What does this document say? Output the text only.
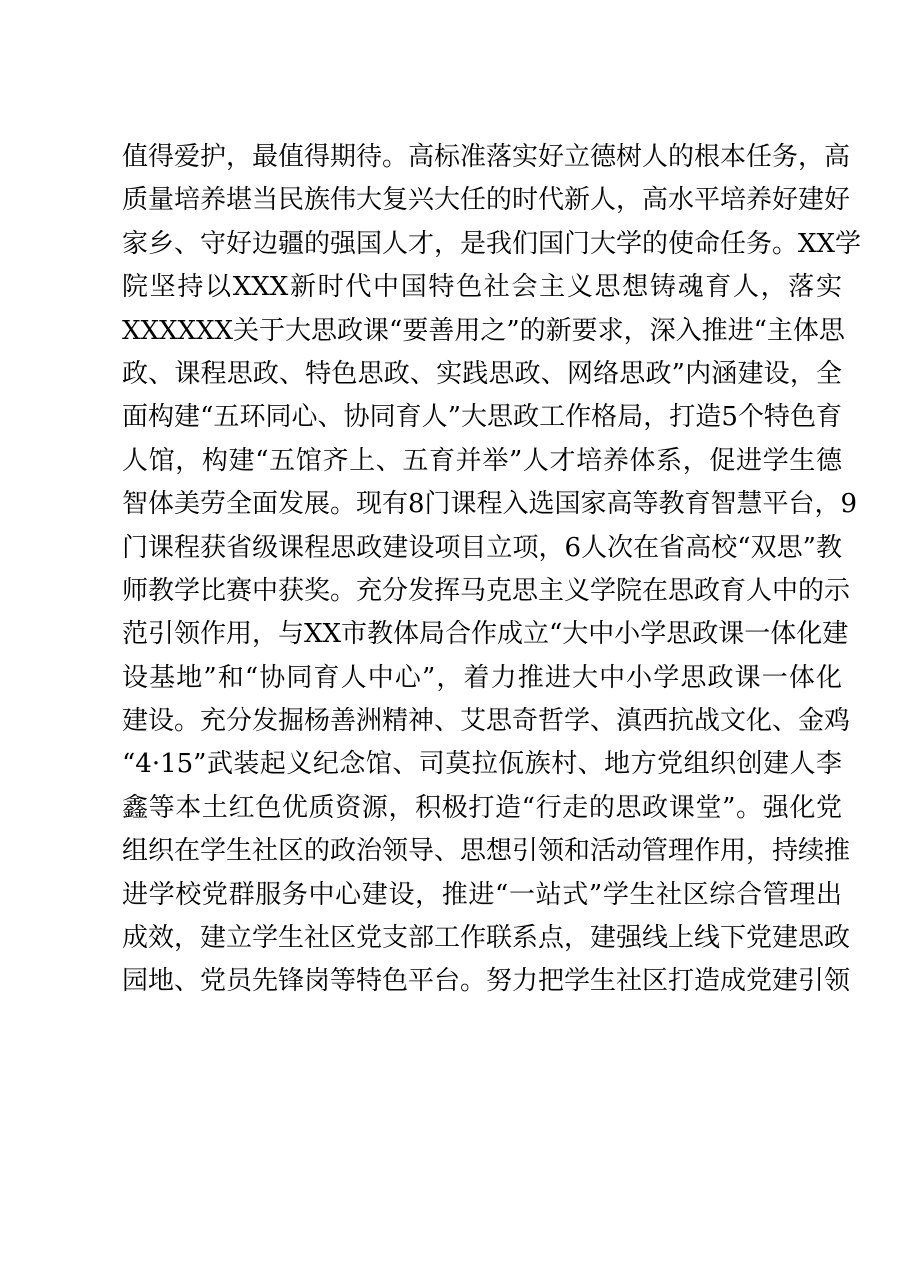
值得爱护，最值得期待。高标准落实好立德树人的根本任务，高
质量培养堪当民族伟大复兴大任的时代新人，高水平培养好建好
家乡、守好边疆的强国人才，是我们国门大学的使命任务。XX学
院坚持以XXX新时代中国特色社会主义思想铸魂育人，落实
XXXXXX关于大思政课“要善用之”的新要求，深入推进“主体思
政、课程思政、特色思政、实践思政、网络思政”内涵建设，全
面构建“五环同心、协同育人”大思政工作格局，打造5个特色育
人馆，构建“五馆齐上、五育并举”人才培养体系，促进学生德
智体美劳全面发展。现有8门课程入选国家高等教育智慧平台，9
门课程获省级课程思政建设项目立项，6人次在省高校“双思”教
师教学比赛中获奖。充分发挥马克思主义学院在思政育人中的示
范引领作用，与XX市教体局合作成立“大中小学思政课一体化建
设基地”和“协同育人中心”，着力推进大中小学思政课一体化
建设。充分发掘杨善洲精神、艾思奇哲学、滇西抗战文化、金鸡
“4·15”武装起义纪念馆、司莫拉佤族村、地方党组织创建人李
鑫等本土红色优质资源，积极打造“行走的思政课堂”。强化党
组织在学生社区的政治领导、思想引领和活动管理作用，持续推
进学校党群服务中心建设，推进“一站式”学生社区综合管理出
成效，建立学生社区党支部工作联系点，建强线上线下党建思政
园地、党员先锋岗等特色平台。努力把学生社区打造成党建引领
